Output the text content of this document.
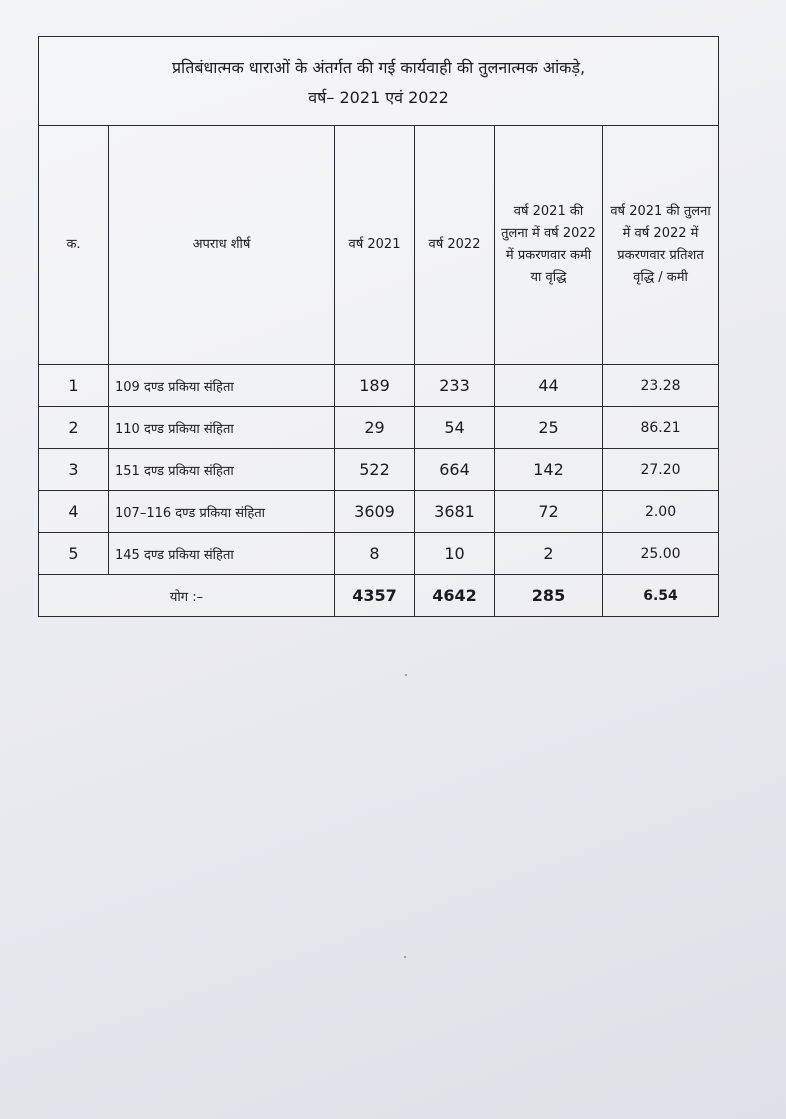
प्रतिबंधात्मक धाराओं के अंतर्गत की गई कार्यवाही की तुलनात्मक आंकड़े,
वर्ष– 2021 एवं 2022					

क.	अपराध शीर्ष	वर्ष 2021	वर्ष 2022	वर्ष 2021 की तुलना में वर्ष 2022 में प्रकरणवार कमी या वृद्धि	वर्ष 2021 की तुलना में वर्ष 2022 में प्रकरणवार प्रतिशत वृद्धि / कमी
1	109 दण्ड प्रकिया संहिता	189	233	44	23.28
2	110 दण्ड प्रकिया संहिता	29	54	25	86.21
3	151 दण्ड प्रकिया संहिता	522	664	142	27.20
4	107–116 दण्ड प्रकिया संहिता	3609	3681	72	2.00
5	145 दण्ड प्रकिया संहिता	8	10	2	25.00
योग :–		4357	4642	285	6.54
